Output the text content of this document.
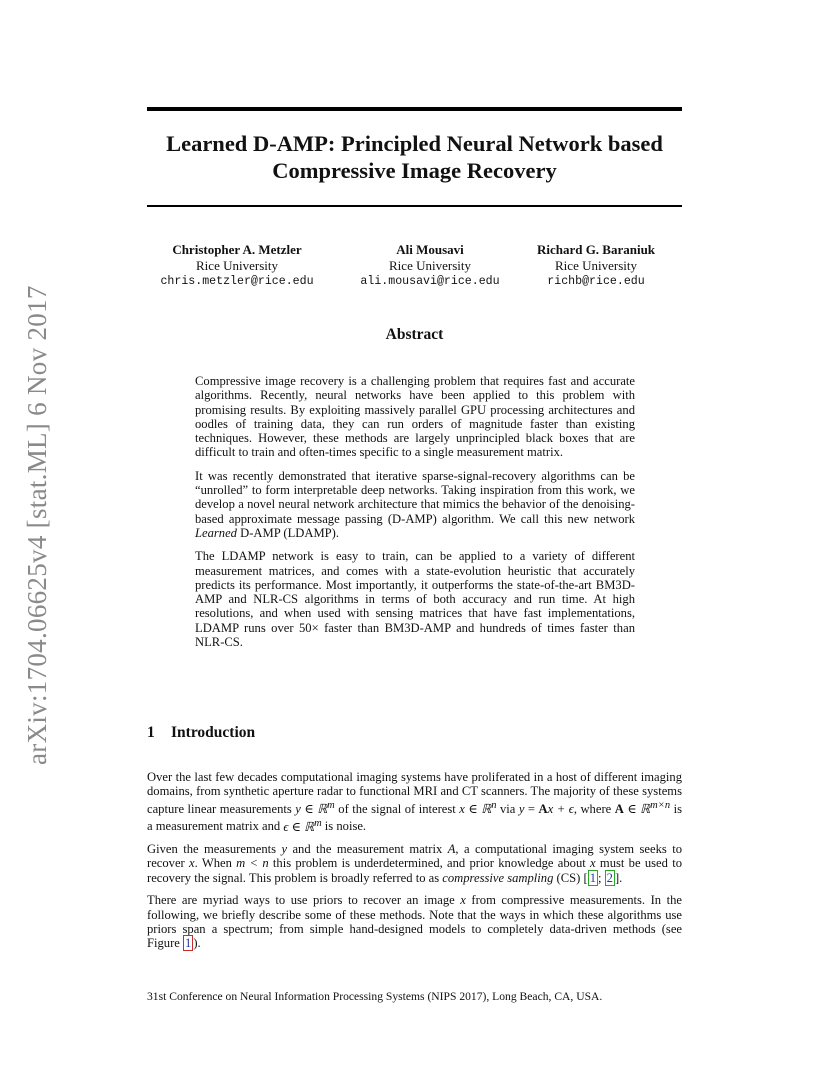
arXiv:1704.06625v4 [stat.ML] 6 Nov 2017
Learned D-AMP: Principled Neural Network based
Compressive Image Recovery
Christopher A. Metzler
Rice University
chris.metzler@rice.edu
Ali Mousavi
Rice University
ali.mousavi@rice.edu
Richard G. Baraniuk
Rice University
richb@rice.edu
Abstract

Compressive image recovery is a challenging problem that requires fast and accurate algorithms. Recently, neural networks have been applied to this problem with promising results. By exploiting massively parallel GPU processing architectures and oodles of training data, they can run orders of magnitude faster than existing techniques. However, these methods are largely unprincipled black boxes that are difficult to train and often-times specific to a single measurement matrix.

It was recently demonstrated that iterative sparse-signal-recovery algorithms can be “unrolled” to form interpretable deep networks. Taking inspiration from this work, we develop a novel neural network architecture that mimics the behavior of the denoising-based approximate message passing (D-AMP) algorithm. We call this new network Learned D-AMP (LDAMP).

The LDAMP network is easy to train, can be applied to a variety of different measurement matrices, and comes with a state-evolution heuristic that accurately predicts its performance. Most importantly, it outperforms the state-of-the-art BM3D-AMP and NLR-CS algorithms in terms of both accuracy and run time. At high resolutions, and when used with sensing matrices that have fast implementations, LDAMP runs over 50× faster than BM3D-AMP and hundreds of times faster than NLR-CS.

1 Introduction

Over the last few decades computational imaging systems have proliferated in a host of different imaging domains, from synthetic aperture radar to functional MRI and CT scanners. The majority of these systems capture linear measurements y ∈ ℝ$^m$ of the signal of interest x ∈ ℝ$^n$ via y = Ax + ϵ, where A ∈ ℝ$^{m\times n}$ is a measurement matrix and ϵ ∈ ℝ$^m$ is noise.

Given the measurements y and the measurement matrix A, a computational imaging system seeks to recover x. When m < n this problem is underdetermined, and prior knowledge about x must be used to recovery the signal. This problem is broadly referred to as compressive sampling (CS) [ 1 ; 2 ].

There are myriad ways to use priors to recover an image x from compressive measurements. In the following, we briefly describe some of these methods. Note that the ways in which these algorithms use priors span a spectrum; from simple hand-designed models to completely data-driven methods (see Figure 1 ).

31st Conference on Neural Information Processing Systems (NIPS 2017), Long Beach, CA, USA.
